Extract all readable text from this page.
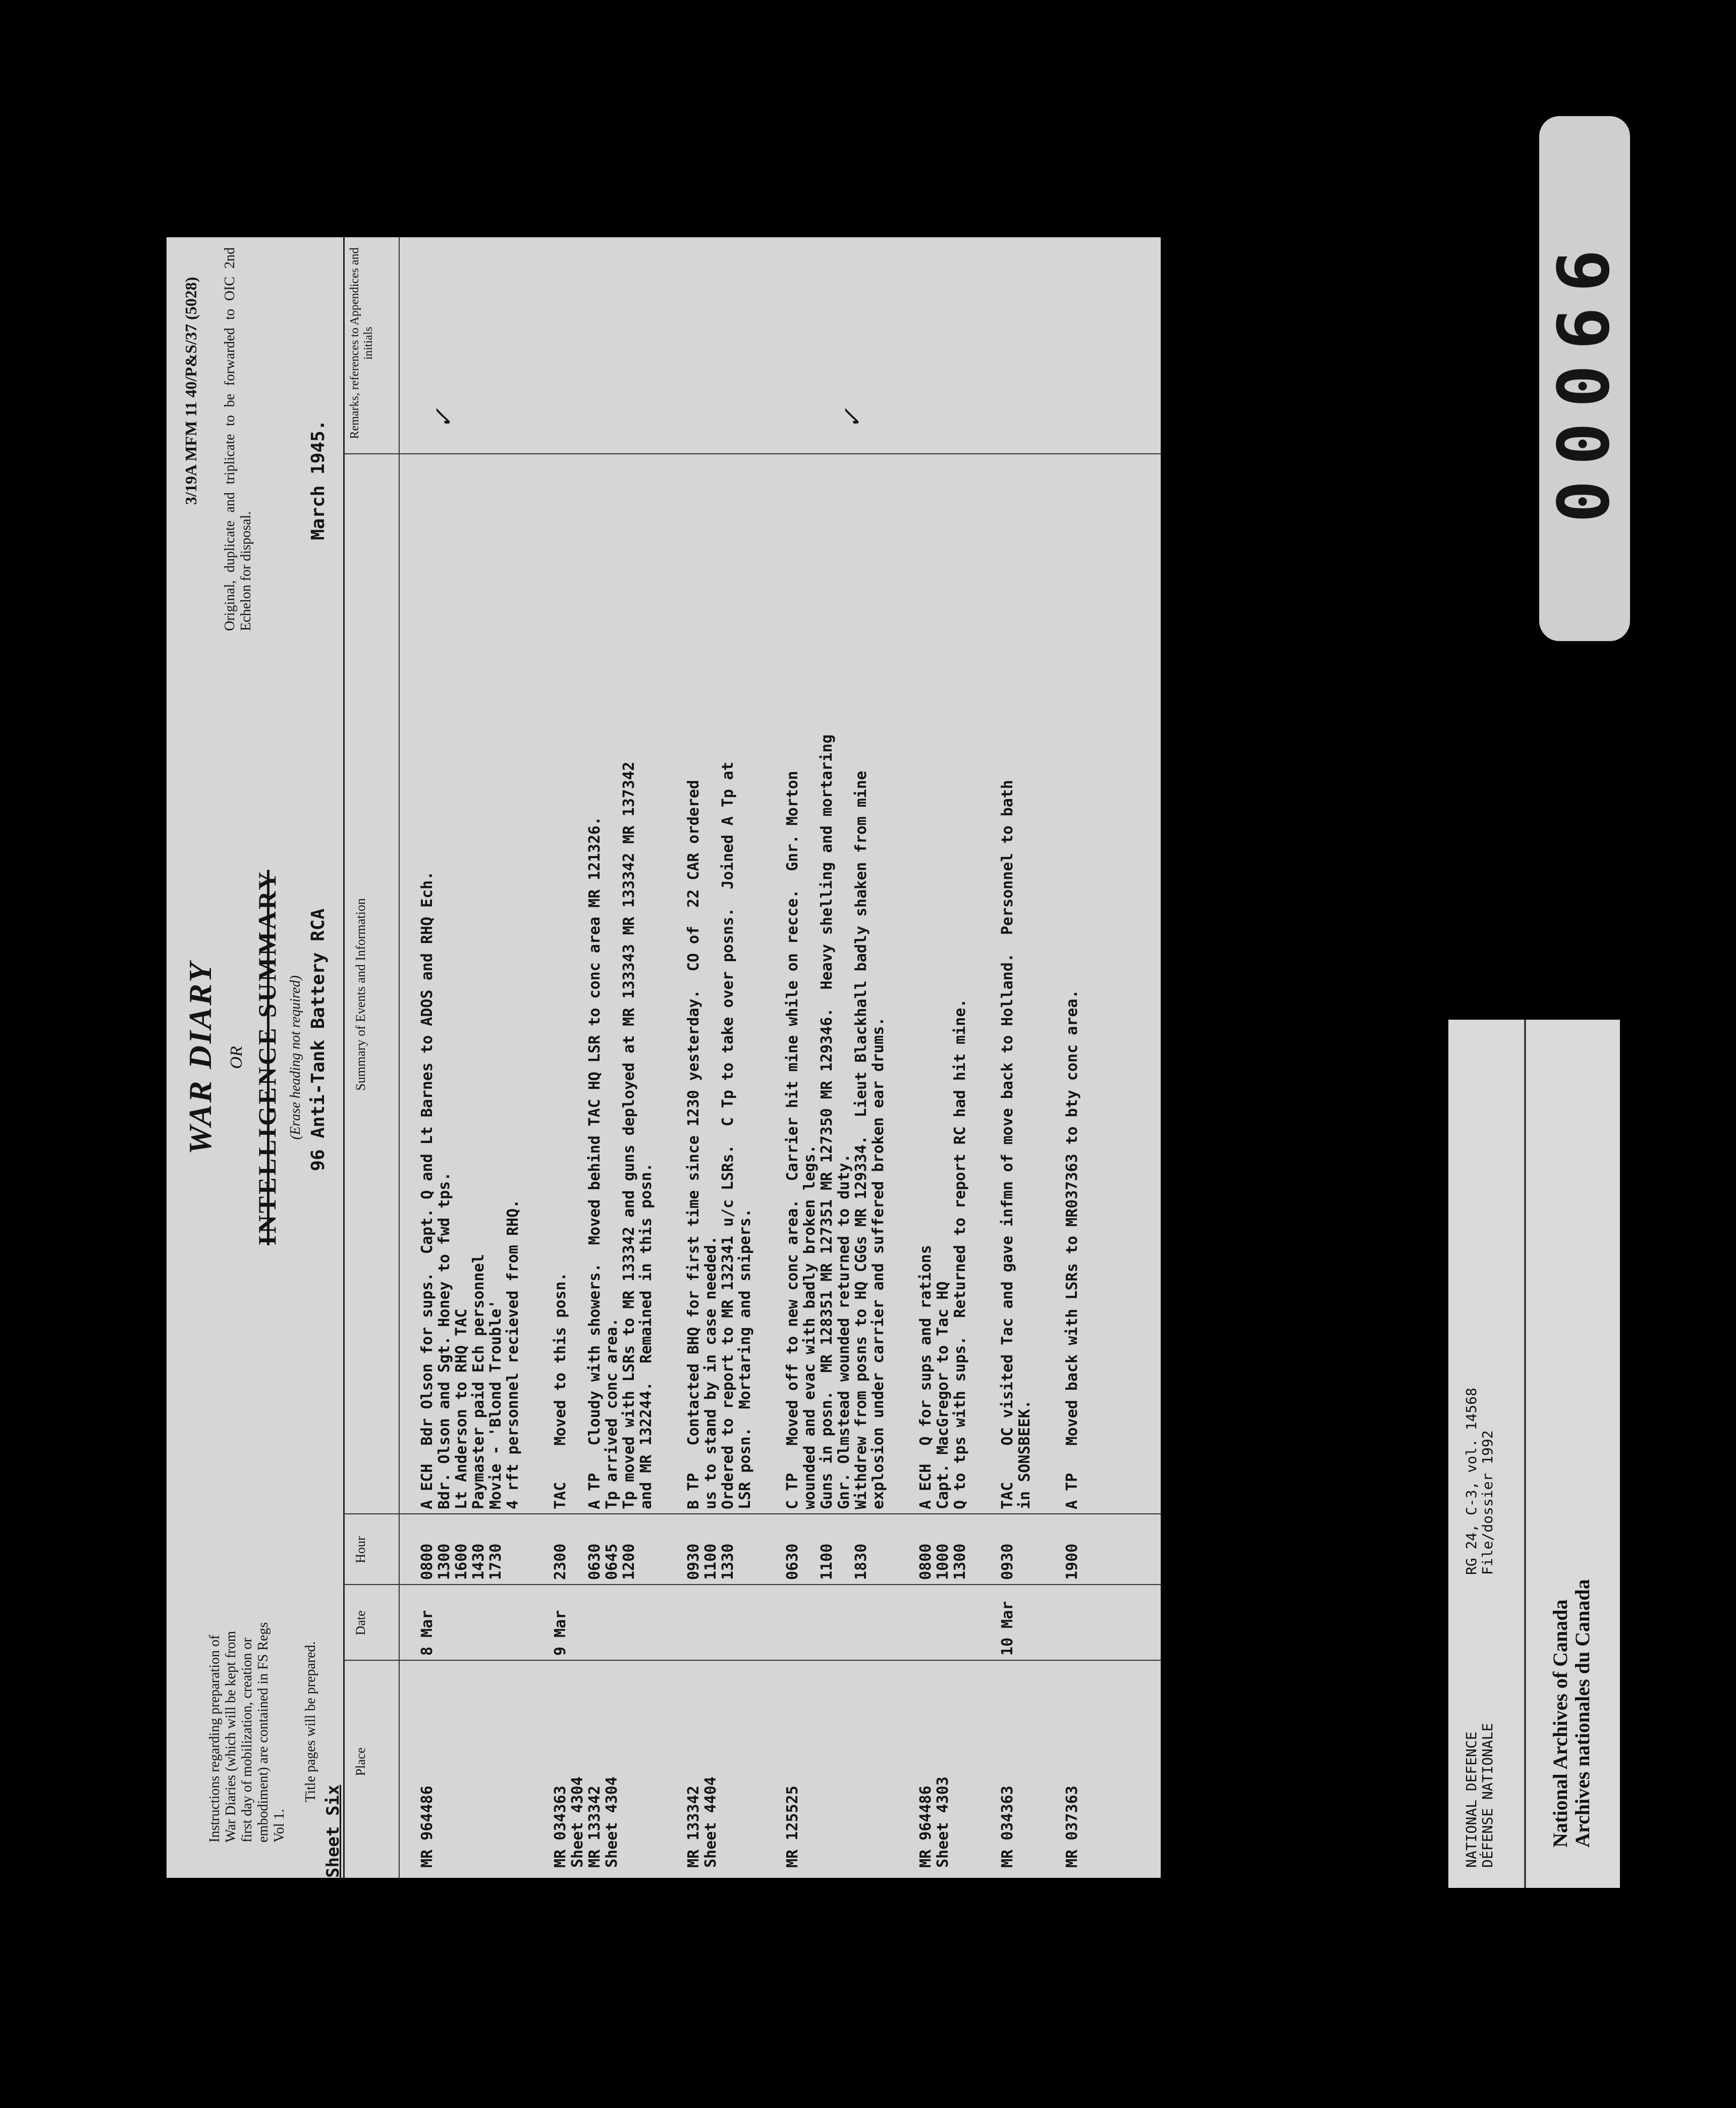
Instructions regarding preparation of War Diaries (which will be kept from first day of mobilization, creation or embodiment) are contained in FS Regs Vol 1.
Title pages will be prepared.
Sheet Six
WAR DIARY OR INTELLIGENCE SUMMARY (Erase heading not required) 96 Anti-Tank Battery RCA
March 1945.
3/19A MFM 11 40/P&S/37 (5028) Original, duplicate and triplicate to be forwarded to OIC 2nd Echelon for disposal.
Place
Date
Hour
Summary of Events and Information
Remarks, references to Appendices and initials
MR 964486
8 Mar
0800 1300 1600 1430 1730
A ECH  Bdr Olson for sups.  Capt. Q and Lt Barnes to ADOS and RHQ Ech. Bdr. Olson and Sgt. Honey to fwd tps. Lt Anderson to RHQ TAC Paymaster paid Ech personnel Movie - 'Blond Trouble' 4 rft personnel recieved from RHQ.
MR 034363 Sheet 4304 MR 133342 Sheet 4304
9 Mar
2300
0630 0645 1200
TAC    Moved to this posn.
A TP   Cloudy with showers.  Moved behind TAC HQ LSR to conc area MR 121326. Tp arrived conc area. Tp moved with LSRs to MR 133342 and guns deployed at MR 133343 MR 133342 MR 137342 and MR 132244.  Remained in this posn.
MR 133342 Sheet 4404
0930 1100 1330
B TP   Contacted BHQ for first time since 1230 yesterday.  CO of  22 CAR ordered us to stand by in case needed. Ordered to report to MR 132341 u/c LSRs.  C Tp to take over posns.  Joined A Tp at LSR posn.  Mortaring and snipers.
MR 125525
0630
1100
1830
C TP   Moved off to new conc area.  Carrier hit mine while on recce.  Gnr. Morton wounded and evac with badly broken legs. Guns in posn.  MR 128351 MR 127351 MR 127350 MR 129346.  Heavy shelling and mortaring Gnr. Olmstead wounded returned to duty. Withdrew from posns to HQ CGGs MR 129334.  Lieut Blackhall badly shaken from mine explosion under carrier and suffered broken ear drums.
MR 964486 Sheet 4303
0800 1000 1300
A ECH  Q for sups and rations Capt. MacGregor to Tac HQ Q to tps with sups.  Returned to report RC had hit mine.
MR 034363
10 Mar
0930
TAC    OC visited Tac and gave infmn of move back to Holland.  Personnel to bath in SONSBEEK.
MR 037363
1900
A TP   Moved back with LSRs to MR037363 to bty conc area.
✓	✓
NATIONAL DEFENCE DÉFENSE NATIONALE
RG 24, C-3, vol. 14568 File/dossier 1992
National Archives of Canada Archives nationales du Canada
00066
